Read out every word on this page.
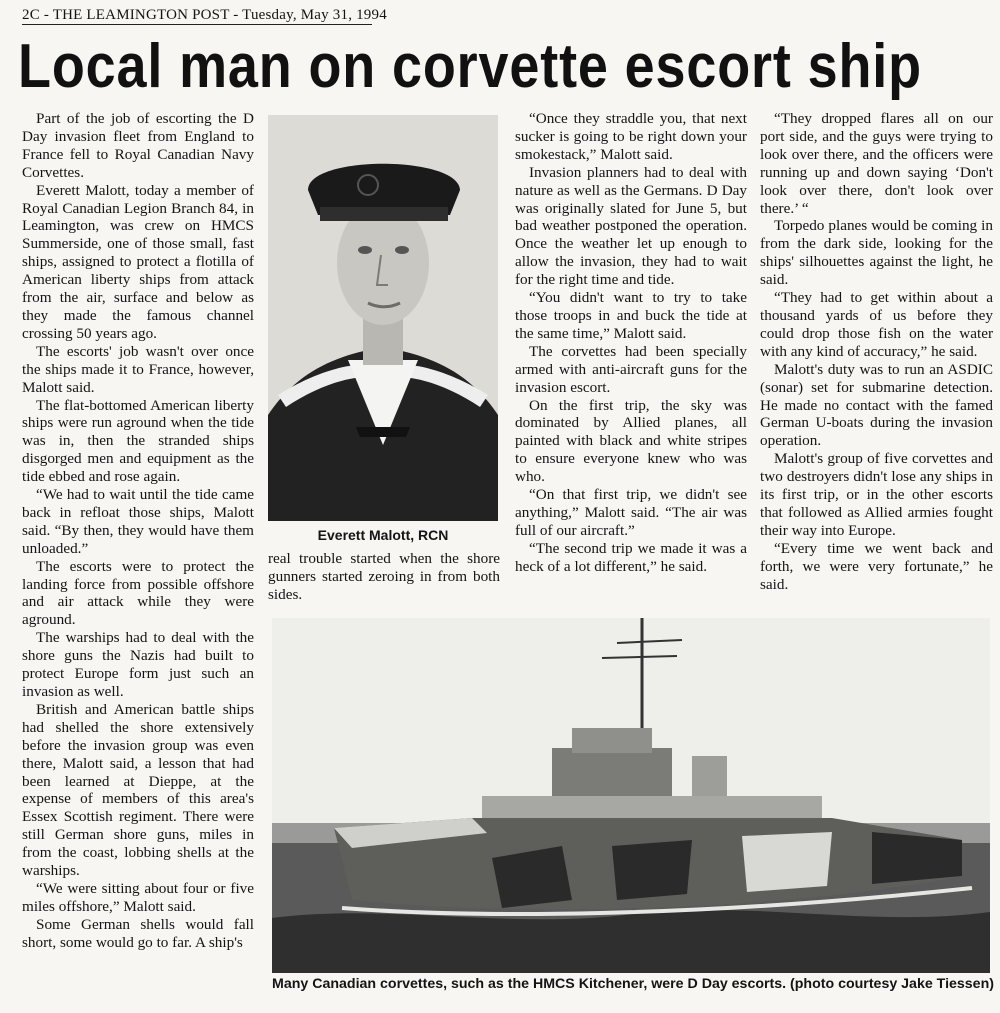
2C - THE LEAMINGTON POST - Tuesday, May 31, 1994
Local man on corvette escort ship

Part of the job of escorting the D Day invasion fleet from England to France fell to Royal Canadian Navy Corvettes.

Everett Malott, today a member of Royal Canadian Legion Branch 84, in Leamington, was crew on HMCS Summerside, one of those small, fast ships, assigned to protect a flotilla of American liberty ships from attack from the air, surface and below as they made the famous channel crossing 50 years ago.

The escorts' job wasn't over once the ships made it to France, however, Malott said.

The flat-bottomed American liberty ships were run aground when the tide was in, then the stranded ships disgorged men and equipment as the tide ebbed and rose again.

“We had to wait until the tide came back in refloat those ships, Malott said. “By then, they would have them unloaded.”

The escorts were to protect the landing force from possible offshore and air attack while they were aground.

The warships had to deal with the shore guns the Nazis had built to protect Europe form just such an invasion as well.

British and American battle ships had shelled the shore extensively before the invasion group was even there, Malott said, a lesson that had been learned at Dieppe, at the expense of members of this area's Essex Scottish regiment. There were still German shore guns, miles in from the coast, lobbing shells at the warships.

“We were sitting about four or five miles offshore,” Malott said.

Some German shells would fall short, some would go to far. A ship's

Everett Malott, RCN

real trouble started when the shore gunners started zeroing in from both sides.

“Once they straddle you, that next sucker is going to be right down your smokestack,” Malott said.

Invasion planners had to deal with nature as well as the Germans. D Day was originally slated for June 5, but bad weather postponed the operation. Once the weather let up enough to allow the invasion, they had to wait for the right time and tide.

“You didn't want to try to take those troops in and buck the tide at the same time,” Malott said.

The corvettes had been specially armed with anti-aircraft guns for the invasion escort.

On the first trip, the sky was dominated by Allied planes, all painted with black and white stripes to ensure everyone knew who was who.

“On that first trip, we didn't see anything,” Malott said. “The air was full of our aircraft.”

“The second trip we made it was a heck of a lot different,” he said.

“They dropped flares all on our port side, and the guys were trying to look over there, and the officers were running up and down saying ‘Don't look over there, don't look over there.’ “

Torpedo planes would be coming in from the dark side, looking for the ships' silhouettes against the light, he said.

“They had to get within about a thousand yards of us before they could drop those fish on the water with any kind of accuracy,” he said.

Malott's duty was to run an ASDIC (sonar) set for submarine detection. He made no contact with the famed German U-boats during the invasion operation.

Malott's group of five corvettes and two destroyers didn't lose any ships in its first trip, or in the other escorts that followed as Allied armies fought their way into Europe.

“Every time we went back and forth, we were very fortunate,” he said.

Many Canadian corvettes, such as the HMCS Kitchener, were D Day escorts. (photo courtesy Jake Tiessen)
